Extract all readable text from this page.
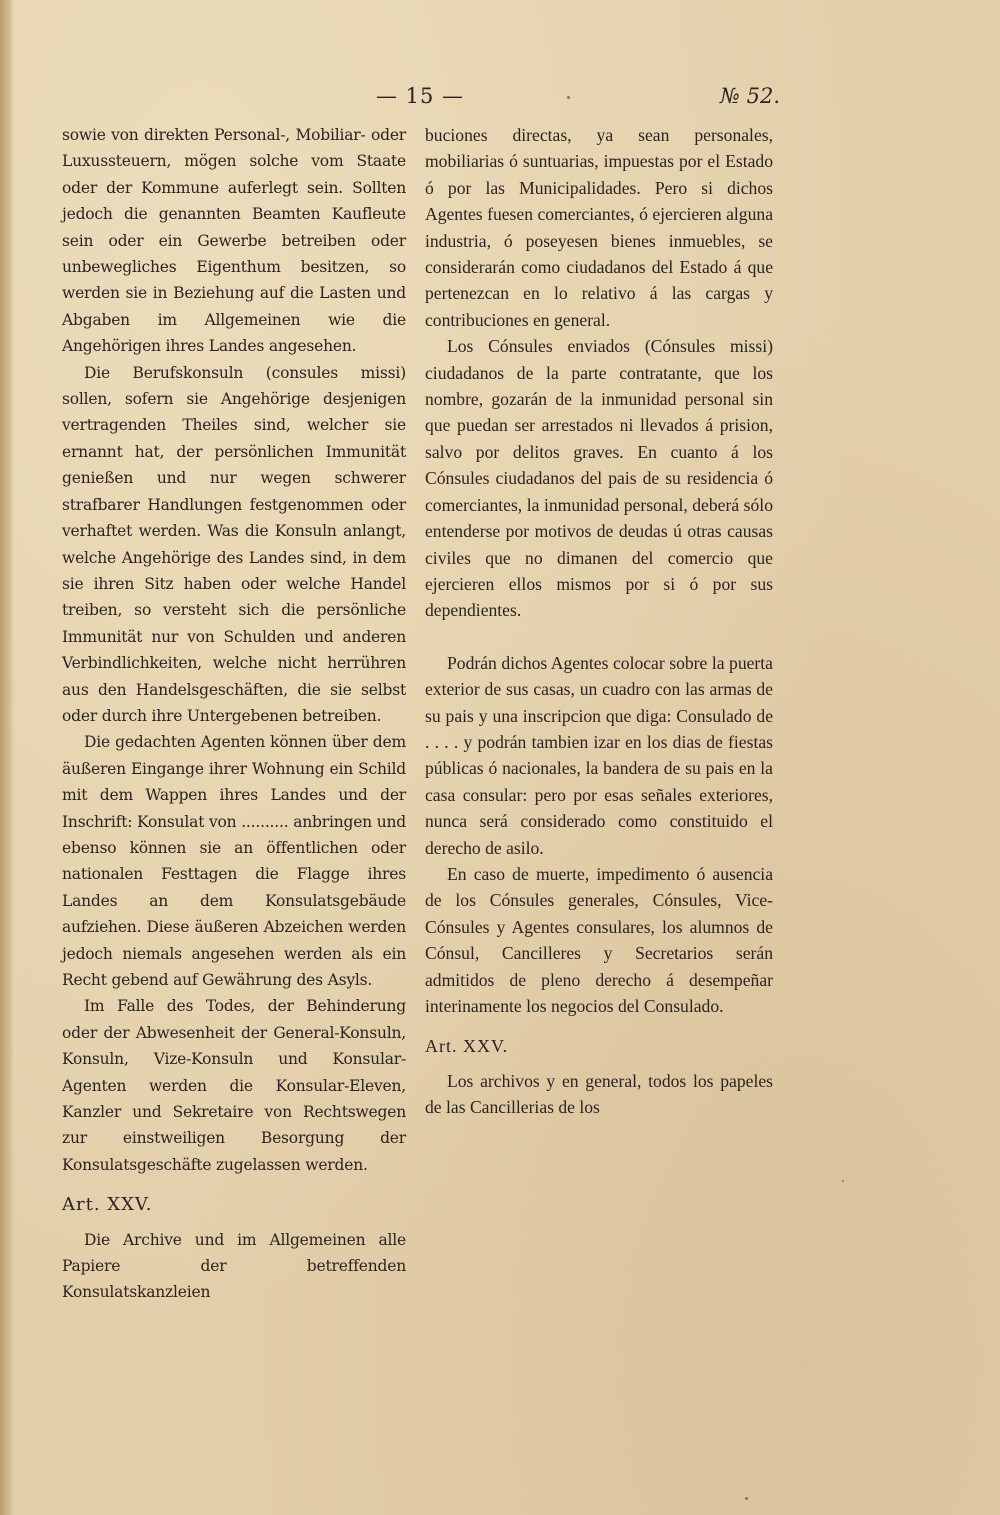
— 15 —	№ 52.

sowie von direkten Personal-, Mobiliar- oder Luxussteuern, mögen solche vom Staate oder der Kommune auferlegt sein. Sollten jedoch die genannten Beamten Kaufleute sein oder ein Gewerbe betreiben oder unbewegliches Eigenthum besitzen, so werden sie in Beziehung auf die Lasten und Abgaben im Allgemeinen wie die Angehörigen ihres Landes angesehen.

Die Berufskonsuln (consules missi) sollen, sofern sie Angehörige desjenigen vertragenden Theiles sind, welcher sie ernannt hat, der persönlichen Immunität genießen und nur wegen schwerer strafbarer Handlungen festgenommen oder verhaftet werden. Was die Konsuln anlangt, welche Angehörige des Landes sind, in dem sie ihren Sitz haben oder welche Handel treiben, so versteht sich die persönliche Immunität nur von Schulden und anderen Verbindlichkeiten, welche nicht herrühren aus den Handelsgeschäften, die sie selbst oder durch ihre Untergebenen betreiben.

Die gedachten Agenten können über dem äußeren Eingange ihrer Wohnung ein Schild mit dem Wappen ihres Landes und der Inschrift: Konsulat von .......... anbringen und ebenso können sie an öffentlichen oder nationalen Festtagen die Flagge ihres Landes an dem Konsulatsgebäude aufziehen. Diese äußeren Abzeichen werden jedoch niemals angesehen werden als ein Recht gebend auf Gewährung des Asyls.

Im Falle des Todes, der Behinderung oder der Abwesenheit der General-Konsuln, Konsuln, Vize-Konsuln und Konsular-Agenten werden die Konsular-Eleven, Kanzler und Sekretaire von Rechtswegen zur einstweiligen Besorgung der Konsulatsgeschäfte zugelassen werden.

Art. XXV.

Die Archive und im Allgemeinen alle Papiere der betreffenden Konsulatskanzleien

buciones directas, ya sean personales, mobiliarias ó suntuarias, impuestas por el Estado ó por las Municipalidades. Pero si dichos Agentes fuesen comerciantes, ó ejercieren alguna industria, ó poseyesen bienes inmuebles, se considerarán como ciudadanos del Estado á que pertenezcan en lo relativo á las cargas y contribuciones en general.

Los Cónsules enviados (Cónsules missi) ciudadanos de la parte contratante, que los nombre, gozarán de la inmunidad personal sin que puedan ser arrestados ni llevados á prision, salvo por delitos graves. En cuanto á los Cónsules ciudadanos del pais de su residencia ó comerciantes, la inmunidad personal, deberá sólo entenderse por motivos de deudas ú otras causas civiles que no dimanen del comercio que ejercieren ellos mismos por si ó por sus dependientes.

Podrán dichos Agentes colocar sobre la puerta exterior de sus casas, un cuadro con las armas de su pais y una inscripcion que diga: Consulado de . . . . y podrán tambien izar en los dias de fiestas públicas ó nacionales, la bandera de su pais en la casa consular: pero por esas señales exteriores, nunca será considerado como constituido el derecho de asilo.

En caso de muerte, impedimento ó ausencia de los Cónsules generales, Cónsules, Vice-Cónsules y Agentes consulares, los alumnos de Cónsul, Cancilleres y Secretarios serán admitidos de pleno derecho á desempeñar interinamente los negocios del Consulado.

Art. XXV.

Los archivos y en general, todos los papeles de las Cancillerias de los
